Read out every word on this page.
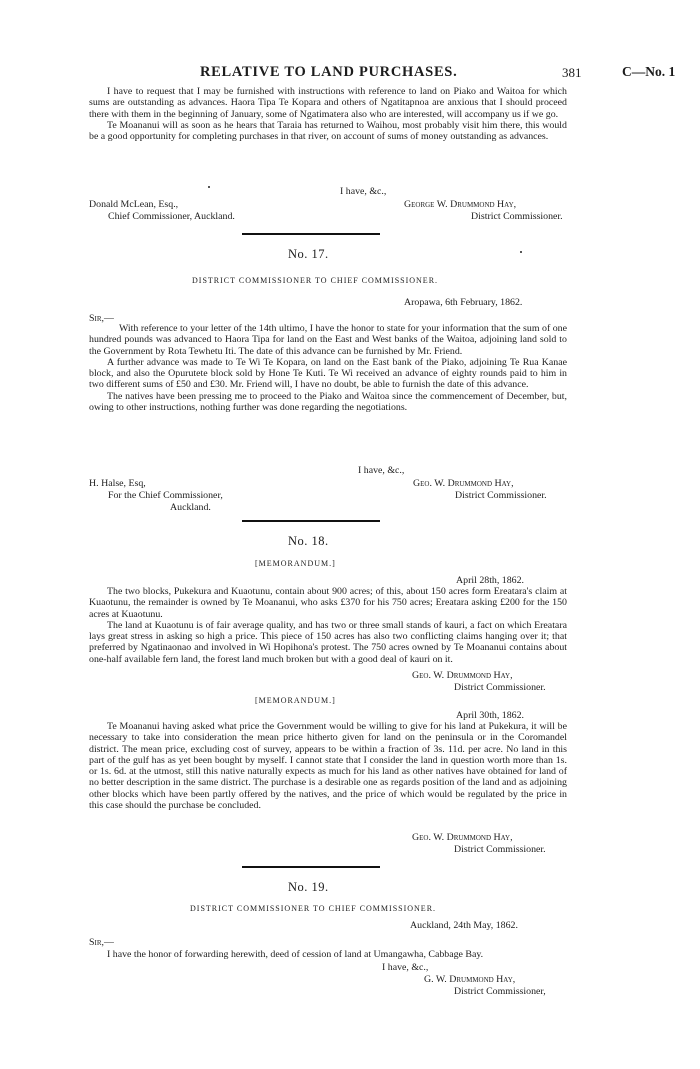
RELATIVE TO LAND PURCHASES.	381	C—No. 1

I have to request that I may be furnished with instructions with reference to land on Piako and Waitoa for which sums are outstanding as advances. Haora Tipa Te Kopara and others of Ngatitapnoa are anxious that I should proceed there with them in the beginning of January, some of Ngatimatera also who are interested, will accompany us if we go.

Te Moananui will as soon as he hears that Taraia has returned to Waihou, most probably visit him there, this would be a good opportunity for completing purchases in that river, on account of sums of money outstanding as advances.

I have, &c.,
Donald McLean, Esq.,	George W. Drummond Hay,
Chief Commissioner, Auckland.	District Commissioner.
No. 17.
DISTRICT COMMISSIONER TO CHIEF COMMISSIONER.
Aropawa, 6th February, 1862.
Sir,—

With reference to your letter of the 14th ultimo, I have the honor to state for your information that the sum of one hundred pounds was advanced to Haora Tipa for land on the East and West banks of the Waitoa, adjoining land sold to the Government by Rota Tewhetu Iti. The date of this advance can be furnished by Mr. Friend.

A further advance was made to Te Wi Te Kopara, on land on the East bank of the Piako, adjoining Te Rua Kanae block, and also the Opurutete block sold by Hone Te Kuti. Te Wi received an advance of eighty rounds paid to him in two different sums of £50 and £30. Mr. Friend will, I have no doubt, be able to furnish the date of this advance.

The natives have been pressing me to proceed to the Piako and Waitoa since the commencement of December, but, owing to other instructions, nothing further was done regarding the negotiations.

I have, &c.,
H. Halse, Esq,	Geo. W. Drummond Hay,
For the Chief Commissioner,	District Commissioner.
Auckland.
No. 18.
[MEMORANDUM.]
April 28th, 1862.

The two blocks, Pukekura and Kuaotunu, contain about 900 acres; of this, about 150 acres form Ereatara's claim at Kuaotunu, the remainder is owned by Te Moananui, who asks £370 for his 750 acres; Ereatara asking £200 for the 150 acres at Kuaotunu.

The land at Kuaotunu is of fair average quality, and has two or three small stands of kauri, a fact on which Ereatara lays great stress in asking so high a price. This piece of 150 acres has also two conflicting claims hanging over it; that preferred by Ngatinaonao and involved in Wi Hopihona's protest. The 750 acres owned by Te Moananui contains about one-half available fern land, the forest land much broken but with a good deal of kauri on it.

Geo. W. Drummond Hay,
District Commissioner.
[MEMORANDUM.]
April 30th, 1862.

Te Moananui having asked what price the Government would be willing to give for his land at Pukekura, it will be necessary to take into consideration the mean price hitherto given for land on the peninsula or in the Coromandel district. The mean price, excluding cost of survey, appears to be within a fraction of 3s. 11d. per acre. No land in this part of the gulf has as yet been bought by myself. I cannot state that I consider the land in question worth more than 1s. or 1s. 6d. at the utmost, still this native naturally expects as much for his land as other natives have obtained for land of no better description in the same district. The purchase is a desirable one as regards position of the land and as adjoining other blocks which have been partly offered by the natives, and the price of which would be regulated by the price in this case should the purchase be concluded.

Geo. W. Drummond Hay,
District Commissioner.
No. 19.
DISTRICT COMMISSIONER TO CHIEF COMMISSIONER.
Auckland, 24th May, 1862.
Sir,—
I have the honor of forwarding herewith, deed of cession of land at Umangawha, Cabbage Bay.
I have, &c.,
G. W. Drummond Hay,
District Commissioner,
